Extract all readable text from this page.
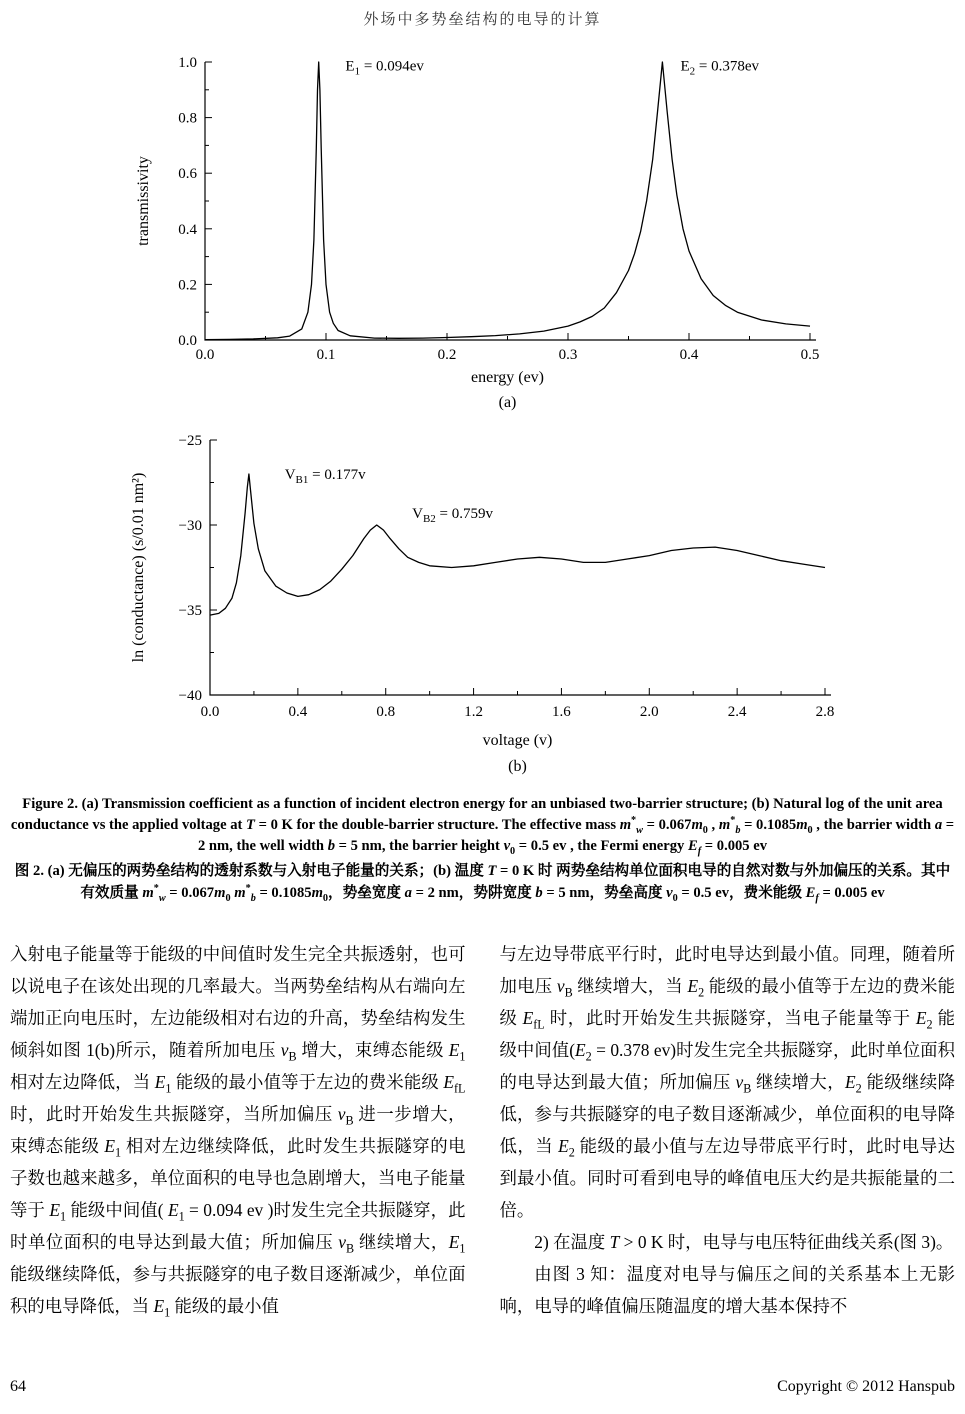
外场中多势垒结构的电导的计算
0.0	0.1	0.2	0.3	0.4	0.5
0.0
0.2
0.4
0.6
0.8
1.0	$E_1 = 0.094ev$	$E_2 = 0.378ev$
energy (ev)
transmissivity
(a)
0.0	0.4	0.8	1.2	1.6	2.0	2.4	2.8
−40
−35
−30
−25
$V_{B1} = 0.177v$
$V_{B2} = 0.759v$
voltage (v)
ln (conductance) (s/0.01 nm²)
(b)

Figure 2. (a) Transmission coefficient as a function of incident electron energy for an unbiased two-barrier structure; (b) Natural log of the unit area conductance vs the applied voltage at T = 0 K for the double-barrier structure. The effective mass $m^*_w = 0.067m_0$ , $m^*_b = 0.1085m_0$ , the barrier width a = 2 nm, the well width b = 5 nm, the barrier height $v_0 = 0.5$ ev , the Fermi energy $E_f = 0.005$ ev

图 2. (a) 无偏压的两势垒结构的透射系数与入射电子能量的关系；(b) 温度 T = 0 K 时 两势垒结构单位面积电导的自然对数与外加偏压的关系。其中有效质量 $m^*_w = 0.067m_0$ $m^*_b = 0.1085m_0$，势垒宽度 a = 2 nm，势阱宽度 b = 5 nm，势垒高度 $v_0 = 0.5$ ev，费米能级 $E_f = 0.005$ ev

入射电子能量等于能级的中间值时发生完全共振透射，也可以说电子在该处出现的几率最大。当两势垒结构从右端向左端加正向电压时，左边能级相对右边的升高，势垒结构发生倾斜如图 1(b)所示，随着所加电压 $v_B$ 增大，束缚态能级 $E_1$ 相对左边降低，当 $E_1$ 能级的最小值等于左边的费米能级 $E_{fL}$ 时，此时开始发生共振隧穿，当所加偏压 $v_B$ 进一步增大，束缚态能级 $E_1$ 相对左边继续降低，此时发生共振隧穿的电子数也越来越多，单位面积的电导也急剧增大，当电子能量等于 $E_1$ 能级中间值( $E_1 = 0.094$ ev )时发生完全共振隧穿，此时单位面积的电导达到最大值；所加偏压 $v_B$ 继续增大，$E_1$ 能级继续降低，参与共振隧穿的电子数目逐渐减少，单位面积的电导降低，当 $E_1$ 能级的最小值

与左边导带底平行时，此时电导达到最小值。同理，随着所加电压 $v_B$ 继续增大，当 $E_2$ 能级的最小值等于左边的费米能级 $E_{fL}$ 时，此时开始发生共振隧穿，当电子能量等于 $E_2$ 能级中间值($E_2 = 0.378$ ev)时发生完全共振隧穿，此时单位面积的电导达到最大值；所加偏压 $v_B$ 继续增大，$E_2$ 能级继续降低，参与共振隧穿的电子数目逐渐减少，单位面积的电导降低，当 $E_2$ 能级的最小值与左边导带底平行时，此时电导达到最小值。同时可看到电导的峰值电压大约是共振能量的二倍。

2) 在温度 T > 0 K 时，电导与电压特征曲线关系(图 3)。

由图 3 知：温度对电导与偏压之间的关系基本上无影响，电导的峰值偏压随温度的增大基本保持不

64	Copyright © 2012 Hanspub
